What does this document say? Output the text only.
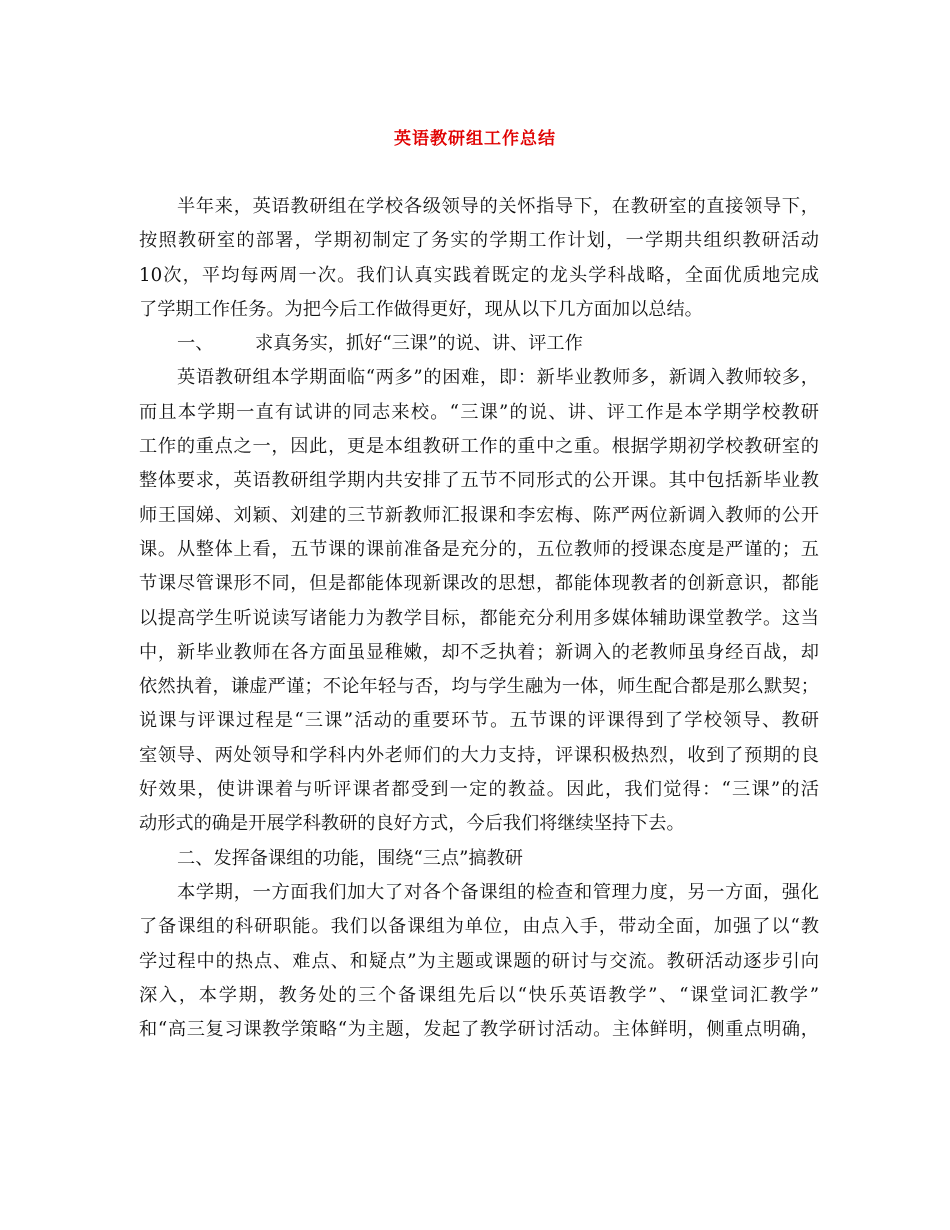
英语教研组工作总结
半年来，英语教研组在学校各级领导的关怀指导下，在教研室的直接领导下，
按照教研室的部署，学期初制定了务实的学期工作计划，一学期共组织教研活动
10次，平均每两周一次。我们认真实践着既定的龙头学科战略，全面优质地完成
了学期工作任务。为把今后工作做得更好，现从以下几方面加以总结。
一、 求真务实，抓好“三课”的说、讲、评工作
英语教研组本学期面临“两多”的困难，即：新毕业教师多，新调入教师较多，
而且本学期一直有试讲的同志来校。“三课”的说、讲、评工作是本学期学校教研
工作的重点之一，因此，更是本组教研工作的重中之重。根据学期初学校教研室的
整体要求，英语教研组学期内共安排了五节不同形式的公开课。其中包括新毕业教
师王国娣、刘颖、刘建的三节新教师汇报课和李宏梅、陈严两位新调入教师的公开
课。从整体上看，五节课的课前准备是充分的，五位教师的授课态度是严谨的；五
节课尽管课形不同，但是都能体现新课改的思想，都能体现教者的创新意识，都能
以提高学生听说读写诸能力为教学目标，都能充分利用多媒体辅助课堂教学。这当
中，新毕业教师在各方面虽显稚嫩，却不乏执着；新调入的老教师虽身经百战，却
依然执着，谦虚严谨；不论年轻与否，均与学生融为一体，师生配合都是那么默契；
说课与评课过程是“三课”活动的重要环节。五节课的评课得到了学校领导、教研
室领导、两处领导和学科内外老师们的大力支持，评课积极热烈，收到了预期的良
好效果，使讲课着与听评课者都受到一定的教益。因此，我们觉得：“三课”的活
动形式的确是开展学科教研的良好方式，今后我们将继续坚持下去。
二、发挥备课组的功能，围绕“三点”搞教研
本学期，一方面我们加大了对各个备课组的检查和管理力度，另一方面，强化
了备课组的科研职能。我们以备课组为单位，由点入手，带动全面，加强了以“教
学过程中的热点、难点、和疑点”为主题或课题的研讨与交流。教研活动逐步引向
深入，本学期，教务处的三个备课组先后以“快乐英语教学”、“课堂词汇教学”
和“高三复习课教学策略“为主题，发起了教学研讨活动。主体鲜明，侧重点明确，
